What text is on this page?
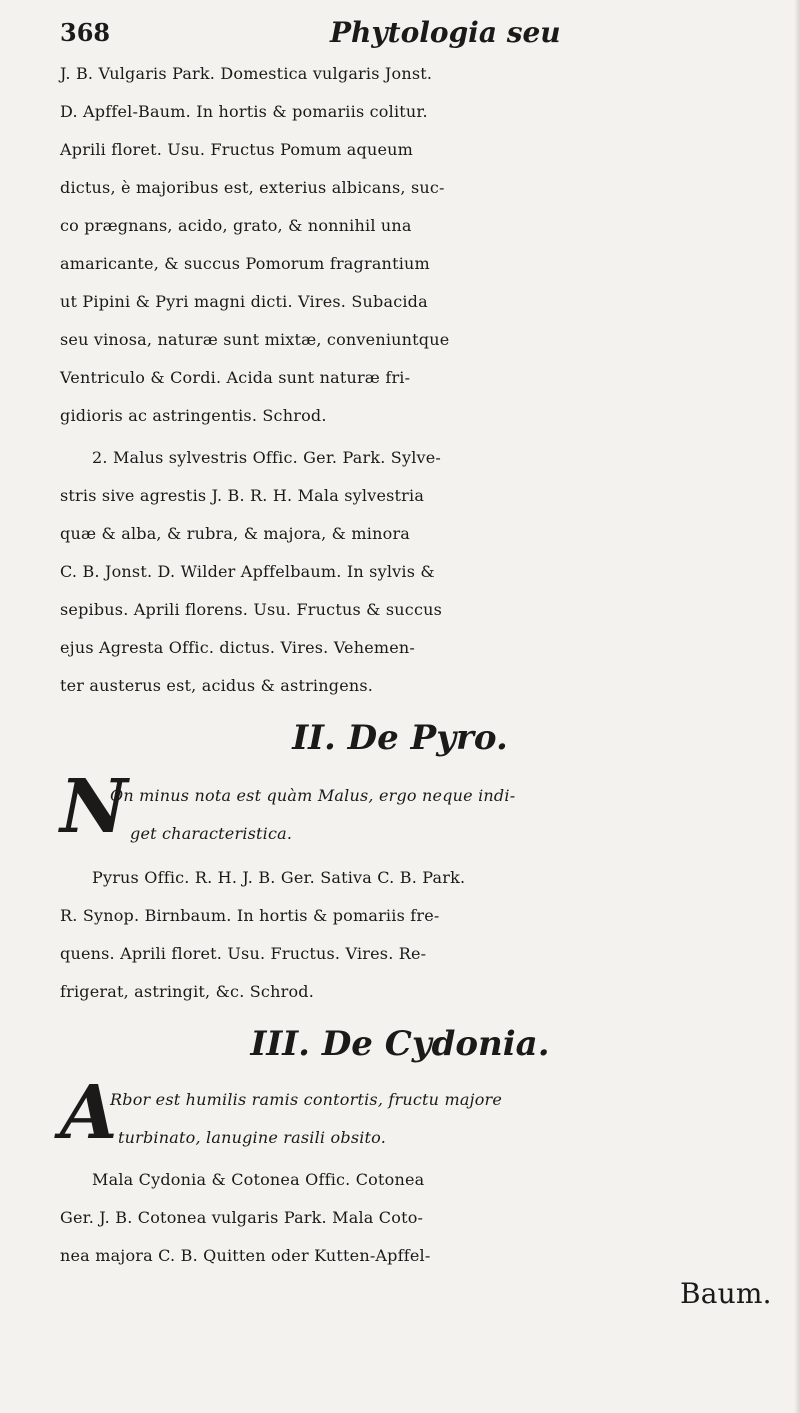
368	Phytologia seu
J. B. Vulgaris Park. Domestica vulgaris Jonst.
D. Apffel-Baum. In hortis & pomariis colitur.
Aprili floret. Usu. Fructus Pomum aqueum
dictus, è majoribus est, exterius albicans, suc-
co prægnans, acido, grato, & nonnihil una
amaricante, & succus Pomorum fragrantium
ut Pipini & Pyri magni dicti. Vires. Subacida
seu vinosa, naturæ sunt mixtæ, conveniuntque
Ventriculo & Cordi. Acida sunt naturæ fri-
gidioris ac astringentis. Schrod.
2. Malus sylvestris Offic. Ger. Park. Sylve-
stris sive agrestis J. B. R. H. Mala sylvestria
quæ & alba, & rubra, & majora, & minora
C. B. Jonst. D. Wilder Apffelbaum. In sylvis &
sepibus. Aprili florens. Usu. Fructus & succus
ejus Agresta Offic. dictus. Vires. Vehemen-
ter austerus est, acidus & astringens.
II. De Pyro.
N
On minus nota est quàm Malus, ergo neque indi-
get characteristica.
Pyrus Offic. R. H. J. B. Ger. Sativa C. B. Park.
R. Synop. Birnbaum. In hortis & pomariis fre-
quens. Aprili floret. Usu. Fructus. Vires. Re-
frigerat, astringit, &c. Schrod.
III. De Cydonia.
A
Rbor est humilis ramis contortis, fructu majore
turbinato, lanugine rasili obsito.
Mala Cydonia & Cotonea Offic. Cotonea
Ger. J. B. Cotonea vulgaris Park. Mala Coto-
nea majora C. B. Quitten oder Kutten-Apffel-
Baum.
